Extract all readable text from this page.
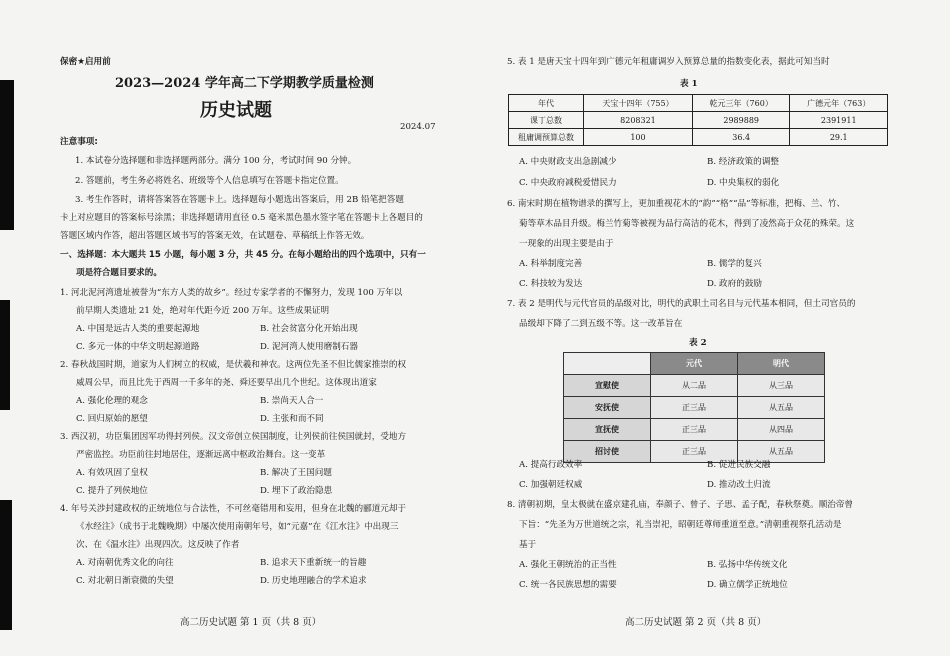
保密★启用前
2023—2024 学年高二下学期教学质量检测
历史试题
2024.07
注意事项:
1. 本试卷分选择题和非选择题两部分。满分 100 分，考试时间 90 分钟。
2. 答题前，考生务必将姓名、班级等个人信息填写在答题卡指定位置。
3. 考生作答时，请将答案答在答题卡上。选择题每小题选出答案后，用 2B 铅笔把答题
卡上对应题目的答案标号涂黑；非选择题请用直径 0.5 毫米黑色墨水签字笔在答题卡上各题目的
答题区域内作答，超出答题区域书写的答案无效，在试题卷、草稿纸上作答无效。
一、选择题：本大题共 15 小题，每小题 3 分，共 45 分。在每小题给出的四个选项中，只有一
项是符合题目要求的。
1. 河北泥河湾遗址被誉为“东方人类的故乡”。经过专家学者的不懈努力，发现 100 万年以
前早期人类遗址 21 处，绝对年代距今近 200 万年。这些成果证明
A. 中国是远古人类的重要起源地	B. 社会贫富分化开始出现
C. 多元一体的中华文明起源道路	D. 泥河湾人使用磨制石器
2. 春秋战国时期，道家为人们树立的权威，是伏羲和神农。这两位先圣不但比儒家推崇的权
威周公早，而且比先于西周一千多年的尧、舜还要早出几个世纪。这体现出道家
A. 强化伦理的观念	B. 崇尚天人合一
C. 回归原始的愿望	D. 主张和而不同
3. 西汉初，功臣集团因军功得封列侯。汉文帝创立侯国制度，让列侯前往侯国就封，受地方
严密监控。功臣前往封地居住，逐渐远离中枢政治舞台。这一变革
A. 有效巩固了皇权	B. 解决了王国问题
C. 提升了列侯地位	D. 埋下了政治隐患
4. 年号关涉封建政权的正统地位与合法性，不可丝毫错用和妄用，但身在北魏的郦道元却于
《水经注》（成书于北魏晚期）中屡次使用南朝年号，如“元嘉”在《江水注》中出现三
次、在《温水注》出现四次。这反映了作者
A. 对南朝优秀文化的向往	B. 追求天下重新统一的旨趣
C. 对北朝日渐衰微的失望	D. 历史地理融合的学术追求
高二历史试题 第 1 页（共 8 页）
5. 表 1 是唐天宝十四年到广德元年租庸调岁入预算总量的指数变化表，据此可知当时
表 1
年代	天宝十四年（755）	乾元三年（760）	广德元年（763）
课丁总数	8208321	2989889	2391911
租庸调预算总数	100	36.4	29.1
A. 中央财政支出急剧减少	B. 经济政策的调整
C. 中央政府减税爱惜民力	D. 中央集权的弱化
6. 南宋时期在植物谱录的撰写上，更加重视花木的“韵”“格”“品”等标准，把梅、兰、竹、
菊等草木品目升级。梅兰竹菊等被视为品行高洁的花木，得到了凌然高于众花的殊荣。这
一现象的出现主要是由于
A. 科举制度完善	B. 儒学的复兴
C. 科技较为发达	D. 政府的鼓励
7. 表 2 是明代与元代官员的品级对比，明代的武职土司名目与元代基本相同，但土司官员的
品级却下降了二到五级不等。这一改革旨在
表 2
	元代	明代
宣慰使	从二品	从三品
安抚使	正三品	从五品
宣抚使	正三品	从四品
招讨使	正三品	从五品
A. 提高行政效率	B. 促进民族交融
C. 加强朝廷权威	D. 推动改土归流
8. 清朝初期，皇太极就在盛京建孔庙，奉颜子、曾子、子思、孟子配，春秋祭奠。顺治帝曾
下旨：“先圣为万世道统之宗，礼当崇祀，昭朝廷尊师重道至意。”清朝重视祭孔活动是
基于
A. 强化王朝统治的正当性	B. 弘扬中华传统文化
C. 统一各民族思想的需要	D. 确立儒学正统地位
高二历史试题 第 2 页（共 8 页）
